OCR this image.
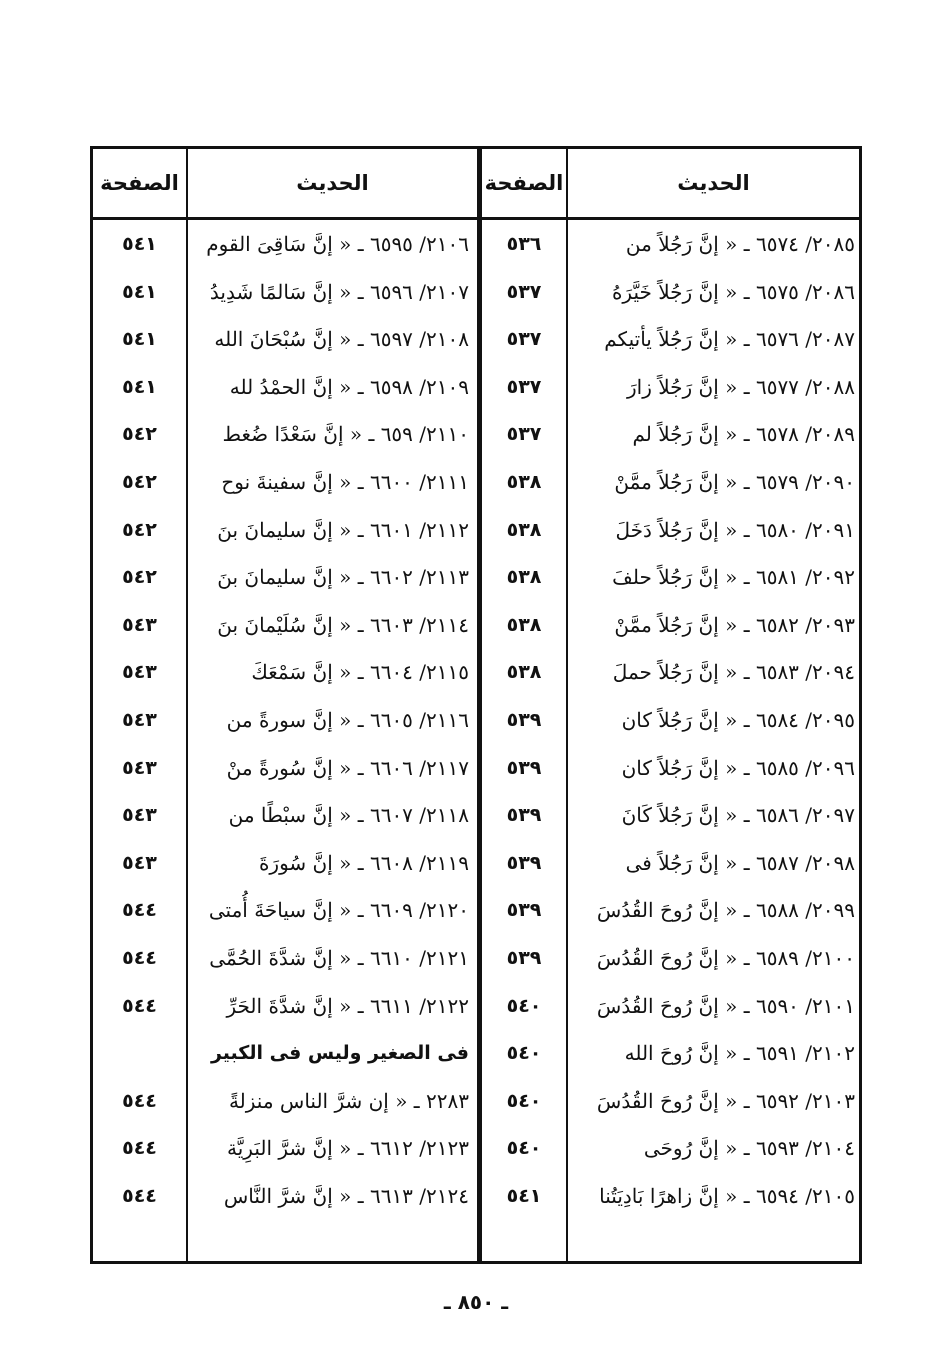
الحديث
الصفحة
الحديث
الصفحة
٢٠٨٥/ ٦٥٧٤ ـ « إنَّ رَجُلاً من
٥٣٦
٢٠٨٦/ ٦٥٧٥ ـ « إنَّ رَجُلاً خَيَّرَهُ
٥٣٧
٢٠٨٧/ ٦٥٧٦ ـ « إنَّ رَجُلاً يأتيكم
٥٣٧
٢٠٨٨/ ٦٥٧٧ ـ « إنَّ رَجُلاً زارَ
٥٣٧
٢٠٨٩/ ٦٥٧٨ ـ « إنَّ رَجُلاً لم
٥٣٧
٢٠٩٠/ ٦٥٧٩ ـ « إنَّ رَجُلاً ممَّنْ
٥٣٨
٢٠٩١/ ٦٥٨٠ ـ « إنَّ رَجُلاً دَخَلَ
٥٣٨
٢٠٩٢/ ٦٥٨١ ـ « إنَّ رَجُلاً حلفَ
٥٣٨
٢٠٩٣/ ٦٥٨٢ ـ « إنَّ رَجُلاً ممَّنْ
٥٣٨
٢٠٩٤/ ٦٥٨٣ ـ « إنَّ رَجُلاً حملَ
٥٣٨
٢٠٩٥/ ٦٥٨٤ ـ « إنَّ رَجُلاً كان
٥٣٩
٢٠٩٦/ ٦٥٨٥ ـ « إنَّ رَجُلاً كان
٥٣٩
٢٠٩٧/ ٦٥٨٦ ـ « إنَّ رَجُلاً كَانَ
٥٣٩
٢٠٩٨/ ٦٥٨٧ ـ « إنَّ رَجُلاً فى
٥٣٩
٢٠٩٩/ ٦٥٨٨ ـ « إنَّ رُوحَ القُدُسَ
٥٣٩
٢١٠٠/ ٦٥٨٩ ـ « إنَّ رُوحَ القُدُسَ
٥٣٩
٢١٠١/ ٦٥٩٠ ـ « إنَّ رُوحَ القُدُسَ
٥٤٠
٢١٠٢/ ٦٥٩١ ـ « إنَّ رُوحَ الله
٥٤٠
٢١٠٣/ ٦٥٩٢ ـ « إنَّ رُوحَ القُدُسَ
٥٤٠
٢١٠٤/ ٦٥٩٣ ـ « إنَّ رُوحَى
٥٤٠
٢١٠٥/ ٦٥٩٤ ـ « إنَّ زاهرًا بَادِيَتُنا
٥٤١
٢١٠٦/ ٦٥٩٥ ـ « إنَّ سَاقِىَ القوم
٥٤١
٢١٠٧/ ٦٥٩٦ ـ « إنَّ سَالمًا شَدِيدُ
٥٤١
٢١٠٨/ ٦٥٩٧ ـ « إنَّ سُبْحَانَ الله
٥٤١
٢١٠٩/ ٦٥٩٨ ـ « إنَّ الحمْدُ لله
٥٤١
٢١١٠/ ٦٥٩ ـ « إنَّ سَعْدًا ضُغط
٥٤٢
٢١١١/ ٦٦٠٠ ـ « إنَّ سفينةَ نوح
٥٤٢
٢١١٢/ ٦٦٠١ ـ « إنَّ سليمانَ بنَ
٥٤٢
٢١١٣/ ٦٦٠٢ ـ « إنَّ سليمانَ بنَ
٥٤٢
٢١١٤/ ٦٦٠٣ ـ « إنَّ سُلَيْمانَ بنَ
٥٤٣
٢١١٥/ ٦٦٠٤ ـ « إنَّ سَمْعَكَ
٥٤٣
٢١١٦/ ٦٦٠٥ ـ « إنَّ سورةً من
٥٤٣
٢١١٧/ ٦٦٠٦ ـ « إنَّ سُورةً منْ
٥٤٣
٢١١٨/ ٦٦٠٧ ـ « إنَّ سبْطًا من
٥٤٣
٢١١٩/ ٦٦٠٨ ـ « إنَّ سُورَةَ
٥٤٣
٢١٢٠/ ٦٦٠٩ ـ « إنَّ سياحَةَ أُمتى
٥٤٤
٢١٢١/ ٦٦١٠ ـ « إنَّ شدَّةَ الحُمَّى
٥٤٤
٢١٢٢/ ٦٦١١ ـ « إنَّ شدَّةَ الحَرِّ
٥٤٤
فى الصغير وليس فى الكبير
٢٢٨٣ ـ « إن شرَّ الناس منزلةً
٥٤٤
٢١٢٣/ ٦٦١٢ ـ « إنَّ شرَّ البَرِيَّة
٥٤٤
٢١٢٤/ ٦٦١٣ ـ « إنَّ شرَّ النَّاس
٥٤٤
ـ ٨٥٠ ـ
